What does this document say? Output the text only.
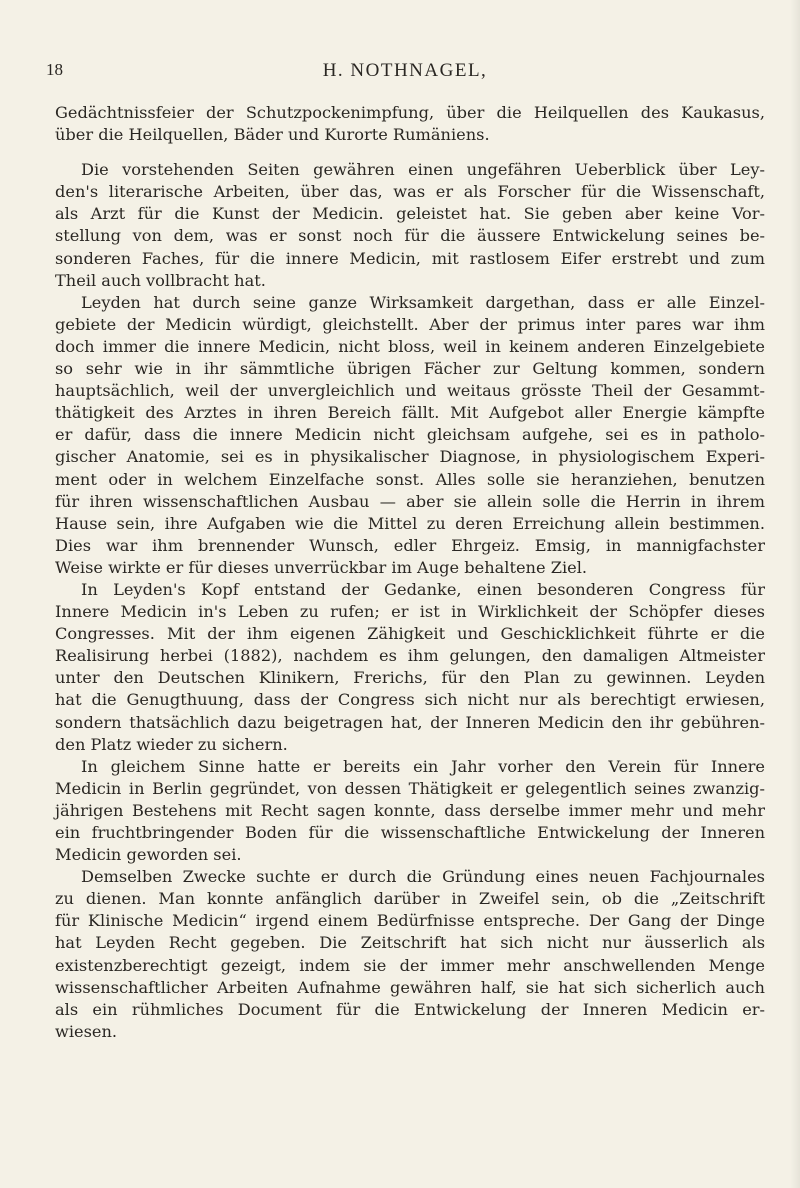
18	H. NOTHNAGEL,
Gedächtnissfeier der Schutzpockenimpfung, über die Heilquellen des Kaukasus,
über die Heilquellen, Bäder und Kurorte Rumäniens.
Die vorstehenden Seiten gewähren einen ungefähren Ueberblick über Ley-
den's literarische Arbeiten, über das, was er als Forscher für die Wissenschaft,
als Arzt für die Kunst der Medicin. geleistet hat. Sie geben aber keine Vor-
stellung von dem, was er sonst noch für die äussere Entwickelung seines be-
sonderen Faches, für die innere Medicin, mit rastlosem Eifer erstrebt und zum
Theil auch vollbracht hat.
Leyden hat durch seine ganze Wirksamkeit dargethan, dass er alle Einzel-
gebiete der Medicin würdigt, gleichstellt. Aber der primus inter pares war ihm
doch immer die innere Medicin, nicht bloss, weil in keinem anderen Einzelgebiete
so sehr wie in ihr sämmtliche übrigen Fächer zur Geltung kommen, sondern
hauptsächlich, weil der unvergleichlich und weitaus grösste Theil der Gesammt-
thätigkeit des Arztes in ihren Bereich fällt. Mit Aufgebot aller Energie kämpfte
er dafür, dass die innere Medicin nicht gleichsam aufgehe, sei es in patholo-
gischer Anatomie, sei es in physikalischer Diagnose, in physiologischem Experi-
ment oder in welchem Einzelfache sonst. Alles solle sie heranziehen, benutzen
für ihren wissenschaftlichen Ausbau — aber sie allein solle die Herrin in ihrem
Hause sein, ihre Aufgaben wie die Mittel zu deren Erreichung allein bestimmen.
Dies war ihm brennender Wunsch, edler Ehrgeiz. Emsig, in mannigfachster
Weise wirkte er für dieses unverrückbar im Auge behaltene Ziel.
In Leyden's Kopf entstand der Gedanke, einen besonderen Congress für
Innere Medicin in's Leben zu rufen; er ist in Wirklichkeit der Schöpfer dieses
Congresses. Mit der ihm eigenen Zähigkeit und Geschicklichkeit führte er die
Realisirung herbei (1882), nachdem es ihm gelungen, den damaligen Altmeister
unter den Deutschen Klinikern, Frerichs, für den Plan zu gewinnen. Leyden
hat die Genugthuung, dass der Congress sich nicht nur als berechtigt erwiesen,
sondern thatsächlich dazu beigetragen hat, der Inneren Medicin den ihr gebühren-
den Platz wieder zu sichern.
In gleichem Sinne hatte er bereits ein Jahr vorher den Verein für Innere
Medicin in Berlin gegründet, von dessen Thätigkeit er gelegentlich seines zwanzig-
jährigen Bestehens mit Recht sagen konnte, dass derselbe immer mehr und mehr
ein fruchtbringender Boden für die wissenschaftliche Entwickelung der Inneren
Medicin geworden sei.
Demselben Zwecke suchte er durch die Gründung eines neuen Fachjournales
zu dienen. Man konnte anfänglich darüber in Zweifel sein, ob die „Zeitschrift
für Klinische Medicin“ irgend einem Bedürfnisse entspreche. Der Gang der Dinge
hat Leyden Recht gegeben. Die Zeitschrift hat sich nicht nur äusserlich als
existenzberechtigt gezeigt, indem sie der immer mehr anschwellenden Menge
wissenschaftlicher Arbeiten Aufnahme gewähren half, sie hat sich sicherlich auch
als ein rühmliches Document für die Entwickelung der Inneren Medicin er-
wiesen.
